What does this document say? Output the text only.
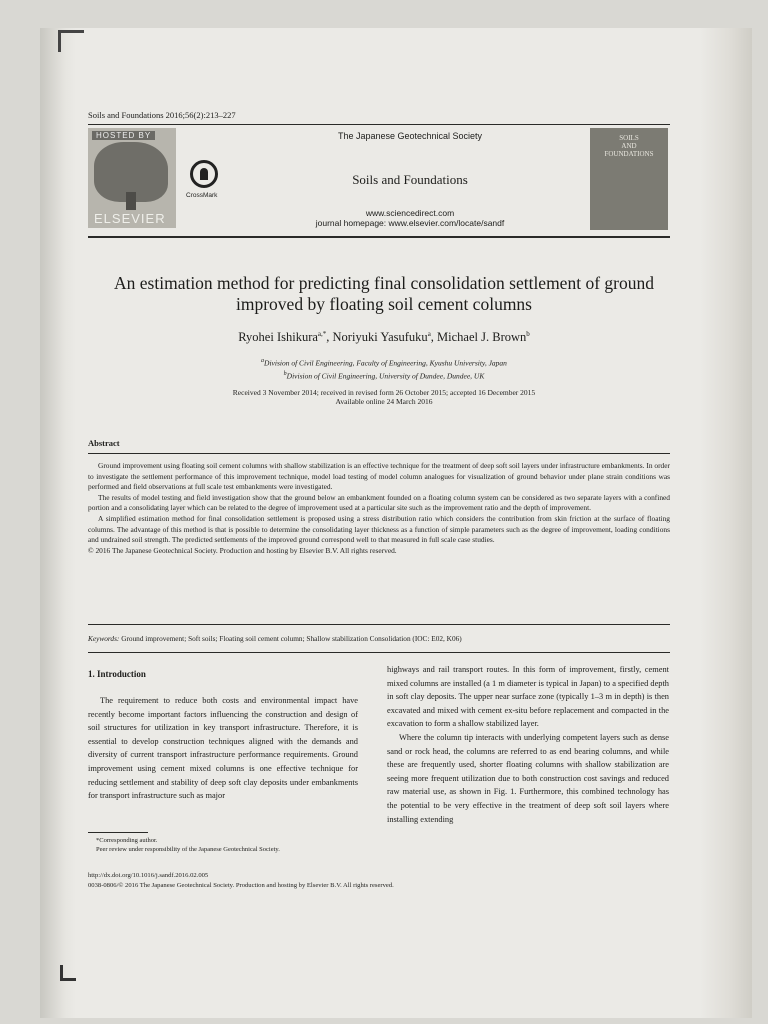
Soils and Foundations 2016;56(2):213–227
HOSTED BY
ELSEVIER
CrossMark
The Japanese Geotechnical Society
Soils and Foundations
www.sciencedirect.com
journal homepage: www.elsevier.com/locate/sandf
SOILS
AND
FOUNDATIONS
An estimation method for predicting final consolidation settlement of ground
improved by floating soil cement columns
Ryohei Ishikura$^{a,*}$, Noriyuki Yasufuku$^a$, Michael J. Brown$^b$
$^a$Division of Civil Engineering, Faculty of Engineering, Kyushu University, Japan
$^b$Division of Civil Engineering, University of Dundee, Dundee, UK
Received 3 November 2014; received in revised form 26 October 2015; accepted 16 December 2015
Available online 24 March 2016
Abstract

Ground improvement using floating soil cement columns with shallow stabilization is an effective technique for the treatment of deep soft soil layers under infrastructure embankments. In order to investigate the settlement performance of this improvement technique, model load testing of model column analogues for visualization of ground behavior under plane strain conditions was performed and field observations at full scale test embankments were investigated.

The results of model testing and field investigation show that the ground below an embankment founded on a floating column system can be considered as two separate layers with a confined portion and a consolidating layer which can be related to the degree of improvement used at a particular site such as the improvement ratio and the depth of improvement.

A simplified estimation method for final consolidation settlement is proposed using a stress distribution ratio which considers the contribution from skin friction at the surface of floating columns. The advantage of this method is that is possible to determine the consolidating layer thickness as a function of simple parameters such as the degree of improvement, loading conditions and undrained soil strength. The predicted settlements of the improved ground correspond well to that measured in full scale case studies.

© 2016 The Japanese Geotechnical Society. Production and hosting by Elsevier B.V. All rights reserved.

Keywords: Ground improvement; Soft soils; Floating soil cement column; Shallow stabilization Consolidation (IOC: E02, K06)
1. Introduction

The requirement to reduce both costs and environmental impact have recently become important factors influencing the construction and design of soil structures for utilization in key transport infrastructure. Therefore, it is essential to develop construction techniques aligned with the demands and diversity of current transport infrastructure performance requirements. Ground improvement using cement mixed columns is one effective technique for reducing settlement and stability of deep soft clay deposits under embankments for transport infrastructure such as major

highways and rail transport routes. In this form of improvement, firstly, cement mixed columns are installed (a 1 m diameter is typical in Japan) to a specified depth in soft clay deposits. The upper near surface zone (typically 1–3 m in depth) is then excavated and mixed with cement ex-situ before replacement and compacted in the excavation to form a shallow stabilized layer.

Where the column tip interacts with underlying competent layers such as dense sand or rock head, the columns are referred to as end bearing columns, and while these are frequently used, shorter floating columns with shallow stabilization are seeing more frequent utilization due to both construction cost savings and reduced raw material use, as shown in Fig. 1. Furthermore, this combined technology has the potential to be very effective in the treatment of deep soft soil layers where installing extending

*Corresponding author.

Peer review under responsibility of the Japanese Geotechnical Society.

http://dx.doi.org/10.1016/j.sandf.2016.02.005
0038-0806/© 2016 The Japanese Geotechnical Society. Production and hosting by Elsevier B.V. All rights reserved.
